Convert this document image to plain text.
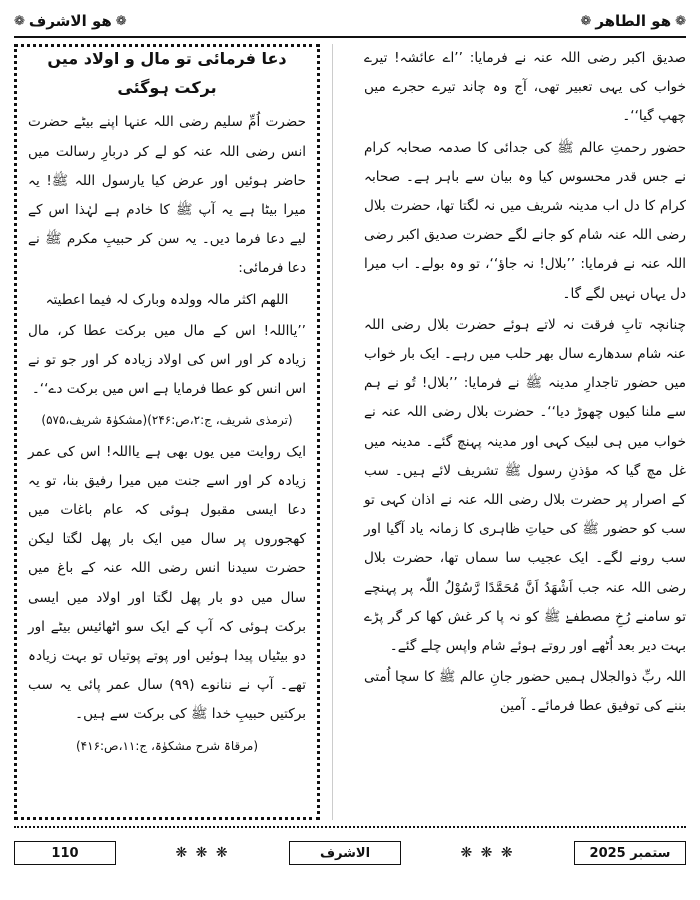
❁
ھو الاشرف
❁	❁
ھو الطاھر
❁

صدیق اکبر رضی اللہ عنہ نے فرمایا: ’’اے عائشہ! تیرے خواب کی یہی تعبیر تھی، آج وہ چاند تیرے حجرے میں چھپ گیا‘‘۔

حضور رحمتِ عالم ﷺ کی جدائی کا صدمہ صحابہ کرام نے جس قدر محسوس کیا وہ بیان سے باہر ہے۔ صحابہ کرام کا دل اب مدینہ شریف میں نہ لگتا تھا، حضرت بلال رضی اللہ عنہ شام کو جانے لگے حضرت صدیق اکبر رضی اللہ عنہ نے فرمایا: ’’بلال! نہ جاؤ‘‘، تو وہ بولے۔ اب میرا دل یہاں نہیں لگے گا۔

چنانچہ تابِ فرقت نہ لاتے ہوئے حضرت بلال رضی اللہ عنہ شام سدھارے سال بھر حلب میں رہے۔ ایک بار خواب میں حضور تاجدارِ مدینہ ﷺ نے فرمایا: ’’بلال! تُو نے ہم سے ملنا کیوں چھوڑ دیا‘‘۔ حضرت بلال رضی اللہ عنہ نے خواب میں ہی لبیک کہی اور مدینہ پہنچ گئے۔ مدینہ میں غل مچ گیا کہ مؤذنِ رسول ﷺ تشریف لائے ہیں۔ سب کے اصرار پر حضرت بلال رضی اللہ عنہ نے اذان کہی تو سب کو حضور ﷺ کی حیاتِ ظاہری کا زمانہ یاد آگیا اور سب رونے لگے۔ ایک عجیب سا سماں تھا، حضرت بلال رضی اللہ عنہ جب اَشْھَدُ اَنَّ مُحَمَّدًا رَّسُوْلُ اللّٰہ پر پہنچے تو سامنے رُخِ مصطفےٰ ﷺ کو نہ پا کر غش کھا کر گر پڑے بہت دیر بعد اُٹھے اور روتے ہوئے شام واپس چلے گئے۔

اللہ ربِّ ذوالجلال ہمیں حضور جانِ عالم ﷺ کا سچا اُمتی بننے کی توفیق عطا فرمائے۔ آمین

دعا فرمائی تو مال و اولاد میں برکت ہوگئی

حضرت اُمِّ سلیم رضی اللہ عنہا اپنے بیٹے حضرت انس رضی اللہ عنہ کو لے کر دربارِ رسالت میں حاضر ہوئیں اور عرض کیا یارسول اللہ ﷺ! یہ میرا بیٹا ہے یہ آپ ﷺ کا خادم ہے لہٰذا اس کے لیے دعا فرما دیں۔ یہ سن کر حبیبِ مکرم ﷺ نے دعا فرمائی:

اللھم اکثر مالہ وولدہ وبارک لہ فیما اعطیتہ

’’یااللہ! اس کے مال میں برکت عطا کر، مال زیادہ کر اور اس کی اولاد زیادہ کر اور جو تو نے اس انس کو عطا فرمایا ہے اس میں برکت دے‘‘۔

(ترمذی شریف، ج:۲،ص:۲۴۶)(مشکوٰۃ شریف،۵۷۵)

ایک روایت میں یوں بھی ہے یااللہ! اس کی عمر زیادہ کر اور اسے جنت میں میرا رفیق بنا، تو یہ دعا ایسی مقبول ہوئی کہ عام باغات میں کھجوروں پر سال میں ایک بار پھل لگتا لیکن حضرت سیدنا انس رضی اللہ عنہ کے باغ میں سال میں دو بار پھل لگتا اور اولاد میں ایسی برکت ہوئی کہ آپ کے ایک سو اٹھائیس بیٹے اور دو بیٹیاں پیدا ہوئیں اور پوتے پوتیاں تو بہت زیادہ تھے۔ آپ نے ننانوے (۹۹) سال عمر پائی یہ سب برکتیں حبیبِ خدا ﷺ کی برکت سے ہیں۔

(مرقاۃ شرح مشکوٰۃ، ج:۱۱،ص:۴۱۶)

110	❋ ❋ ❋	الاشرف	❋ ❋ ❋	ستمبر 2025
